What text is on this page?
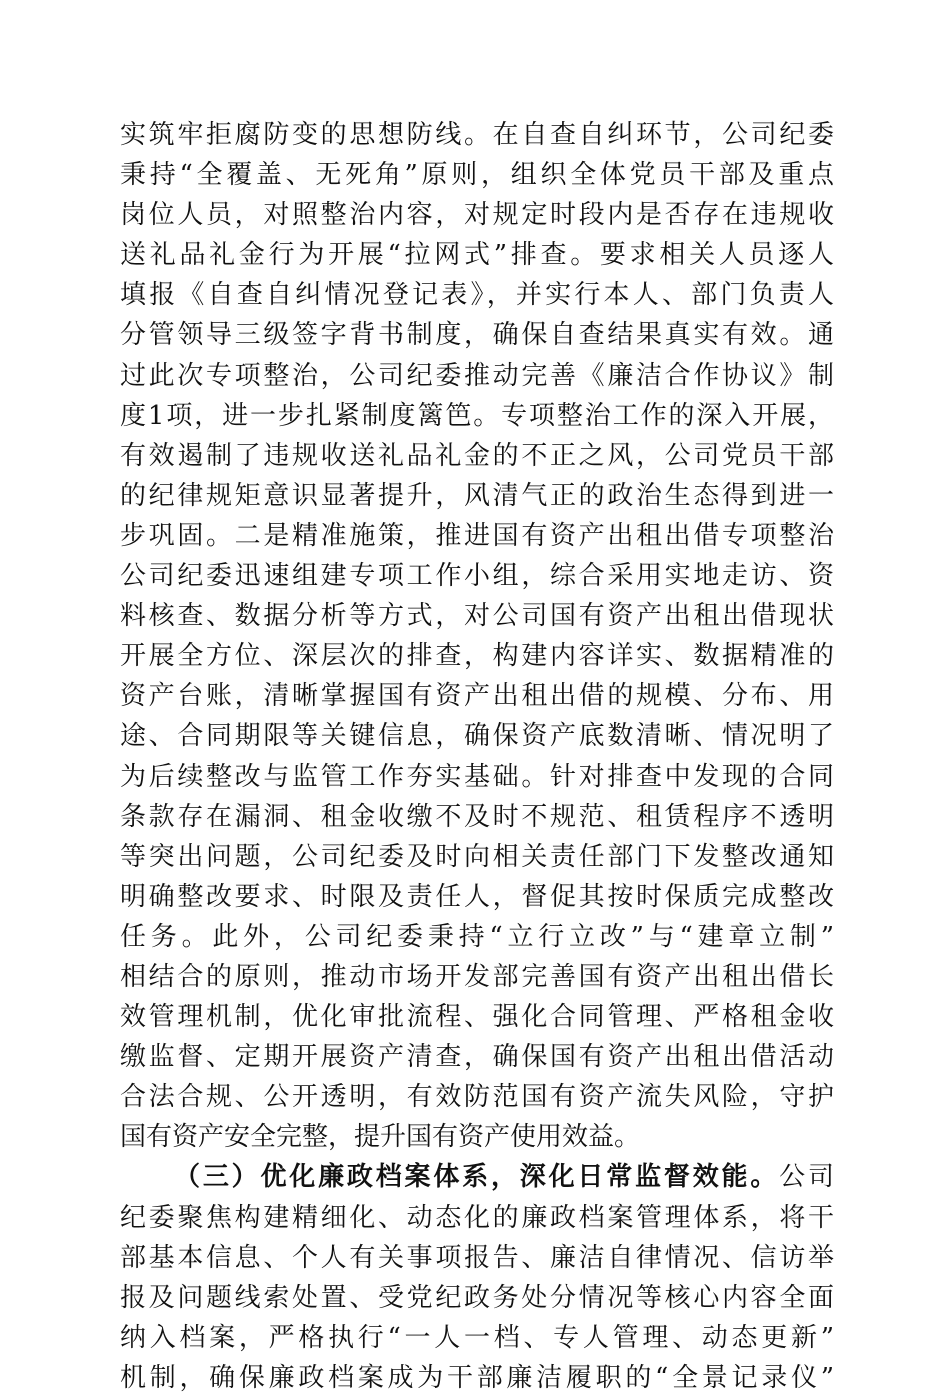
实筑牢拒腐防变的思想防线。在自查自纠环节，公司纪委
秉持“全覆盖、无死角”原则，组织全体党员干部及重点
岗位人员，对照整治内容，对规定时段内是否存在违规收
送礼品礼金行为开展“拉网式”排查。要求相关人员逐人
填报《自查自纠情况登记表》，并实行本人、部门负责人
分管领导三级签字背书制度，确保自查结果真实有效。通
过此次专项整治，公司纪委推动完善《廉洁合作协议》制
度1项，进一步扎紧制度篱笆。专项整治工作的深入开展，
有效遏制了违规收送礼品礼金的不正之风，公司党员干部
的纪律规矩意识显著提升，风清气正的政治生态得到进一
步巩固。二是精准施策，推进国有资产出租出借专项整治
公司纪委迅速组建专项工作小组，综合采用实地走访、资
料核查、数据分析等方式，对公司国有资产出租出借现状
开展全方位、深层次的排查，构建内容详实、数据精准的
资产台账，清晰掌握国有资产出租出借的规模、分布、用
途、合同期限等关键信息，确保资产底数清晰、情况明了
为后续整改与监管工作夯实基础。针对排查中发现的合同
条款存在漏洞、租金收缴不及时不规范、租赁程序不透明
等突出问题，公司纪委及时向相关责任部门下发整改通知
明确整改要求、时限及责任人，督促其按时保质完成整改
任务。此外，公司纪委秉持“立行立改”与“建章立制”
相结合的原则，推动市场开发部完善国有资产出租出借长
效管理机制，优化审批流程、强化合同管理、严格租金收
缴监督、定期开展资产清查，确保国有资产出租出借活动
合法合规、公开透明，有效防范国有资产流失风险，守护
国有资产安全完整，提升国有资产使用效益。
（三）优化廉政档案体系，深化日常监督效能。公司
纪委聚焦构建精细化、动态化的廉政档案管理体系，将干
部基本信息、个人有关事项报告、廉洁自律情况、信访举
报及问题线索处置、受党纪政务处分情况等核心内容全面
纳入档案，严格执行“一人一档、专人管理、动态更新”
机制，确保廉政档案成为干部廉洁履职的“全景记录仪”
